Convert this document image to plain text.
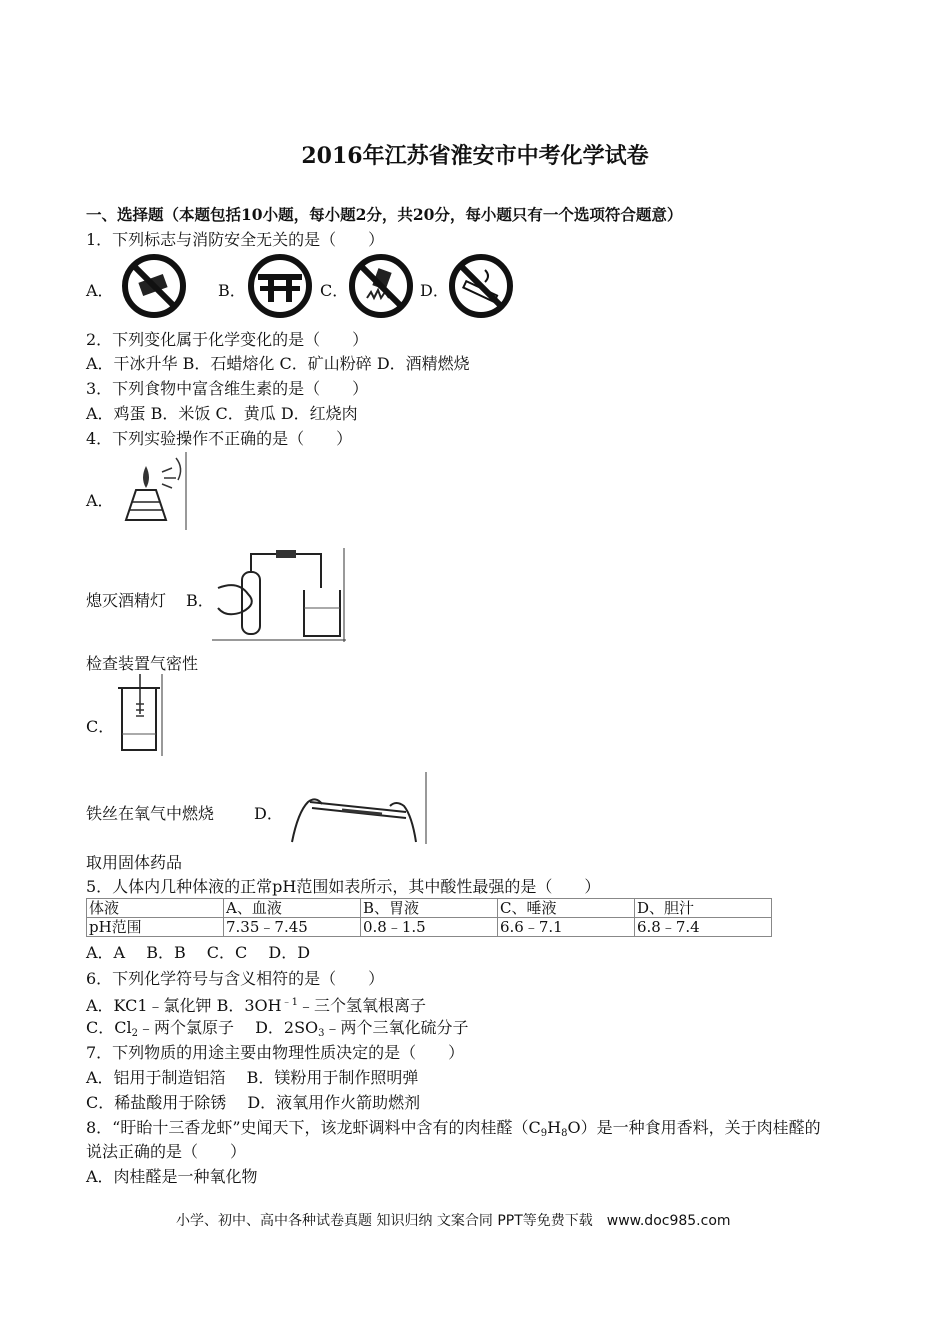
2016年江苏省淮安市中考化学试卷
一、选择题（本题包括10小题，每小题2分，共20分，每小题只有一个选项符合题意）
1．下列标志与消防安全无关的是（　　）
A．	B．	C．	D．
2．下列变化属于化学变化的是（　　）
A．干冰升华 B．石蜡熔化 C．矿山粉碎 D．酒精燃烧
3．下列食物中富含维生素的是（　　）
A．鸡蛋 B．米饭 C．黄瓜 D．红烧肉
4．下列实验操作不正确的是（　　）
A．
熄灭酒精灯 B．
检查装置气密性
C．
铁丝在氧气中燃烧 D．
取用固体药品
5．人体内几种体液的正常pH范围如表所示，其中酸性最强的是（　　）
体液	A、血液	B、胃液	C、唾液	D、胆汁
pH范围	7.35﹣7.45	0.8﹣1.5	6.6﹣7.1	6.8﹣7.4
A．A　 B．B　 C．C　 D．D
6．下列化学符号与含义相符的是（　　）
A．KC1﹣氯化钾 B．$3OH^{﹣1}﹣$三个氢氧根离子
C．$Cl_2﹣$两个氯原子　 D．$2SO_3﹣$两个三氧化硫分子
7．下列物质的用途主要由物理性质决定的是（　　）
A．铝用于制造铝箔　 B．镁粉用于制作照明弹
C．稀盐酸用于除锈　 D．液氧用作火箭助燃剂
8．“盱眙十三香龙虾”史闻天下，该龙虾调料中含有的肉桂醛$(C_9H_8O)$是一种食用香料，关于肉桂醛的
说法正确的是（　　）
A．肉桂醛是一种氧化物
小学、初中、高中各种试卷真题 知识归纳 文案合同 PPT等免费下载　www.doc985.com
